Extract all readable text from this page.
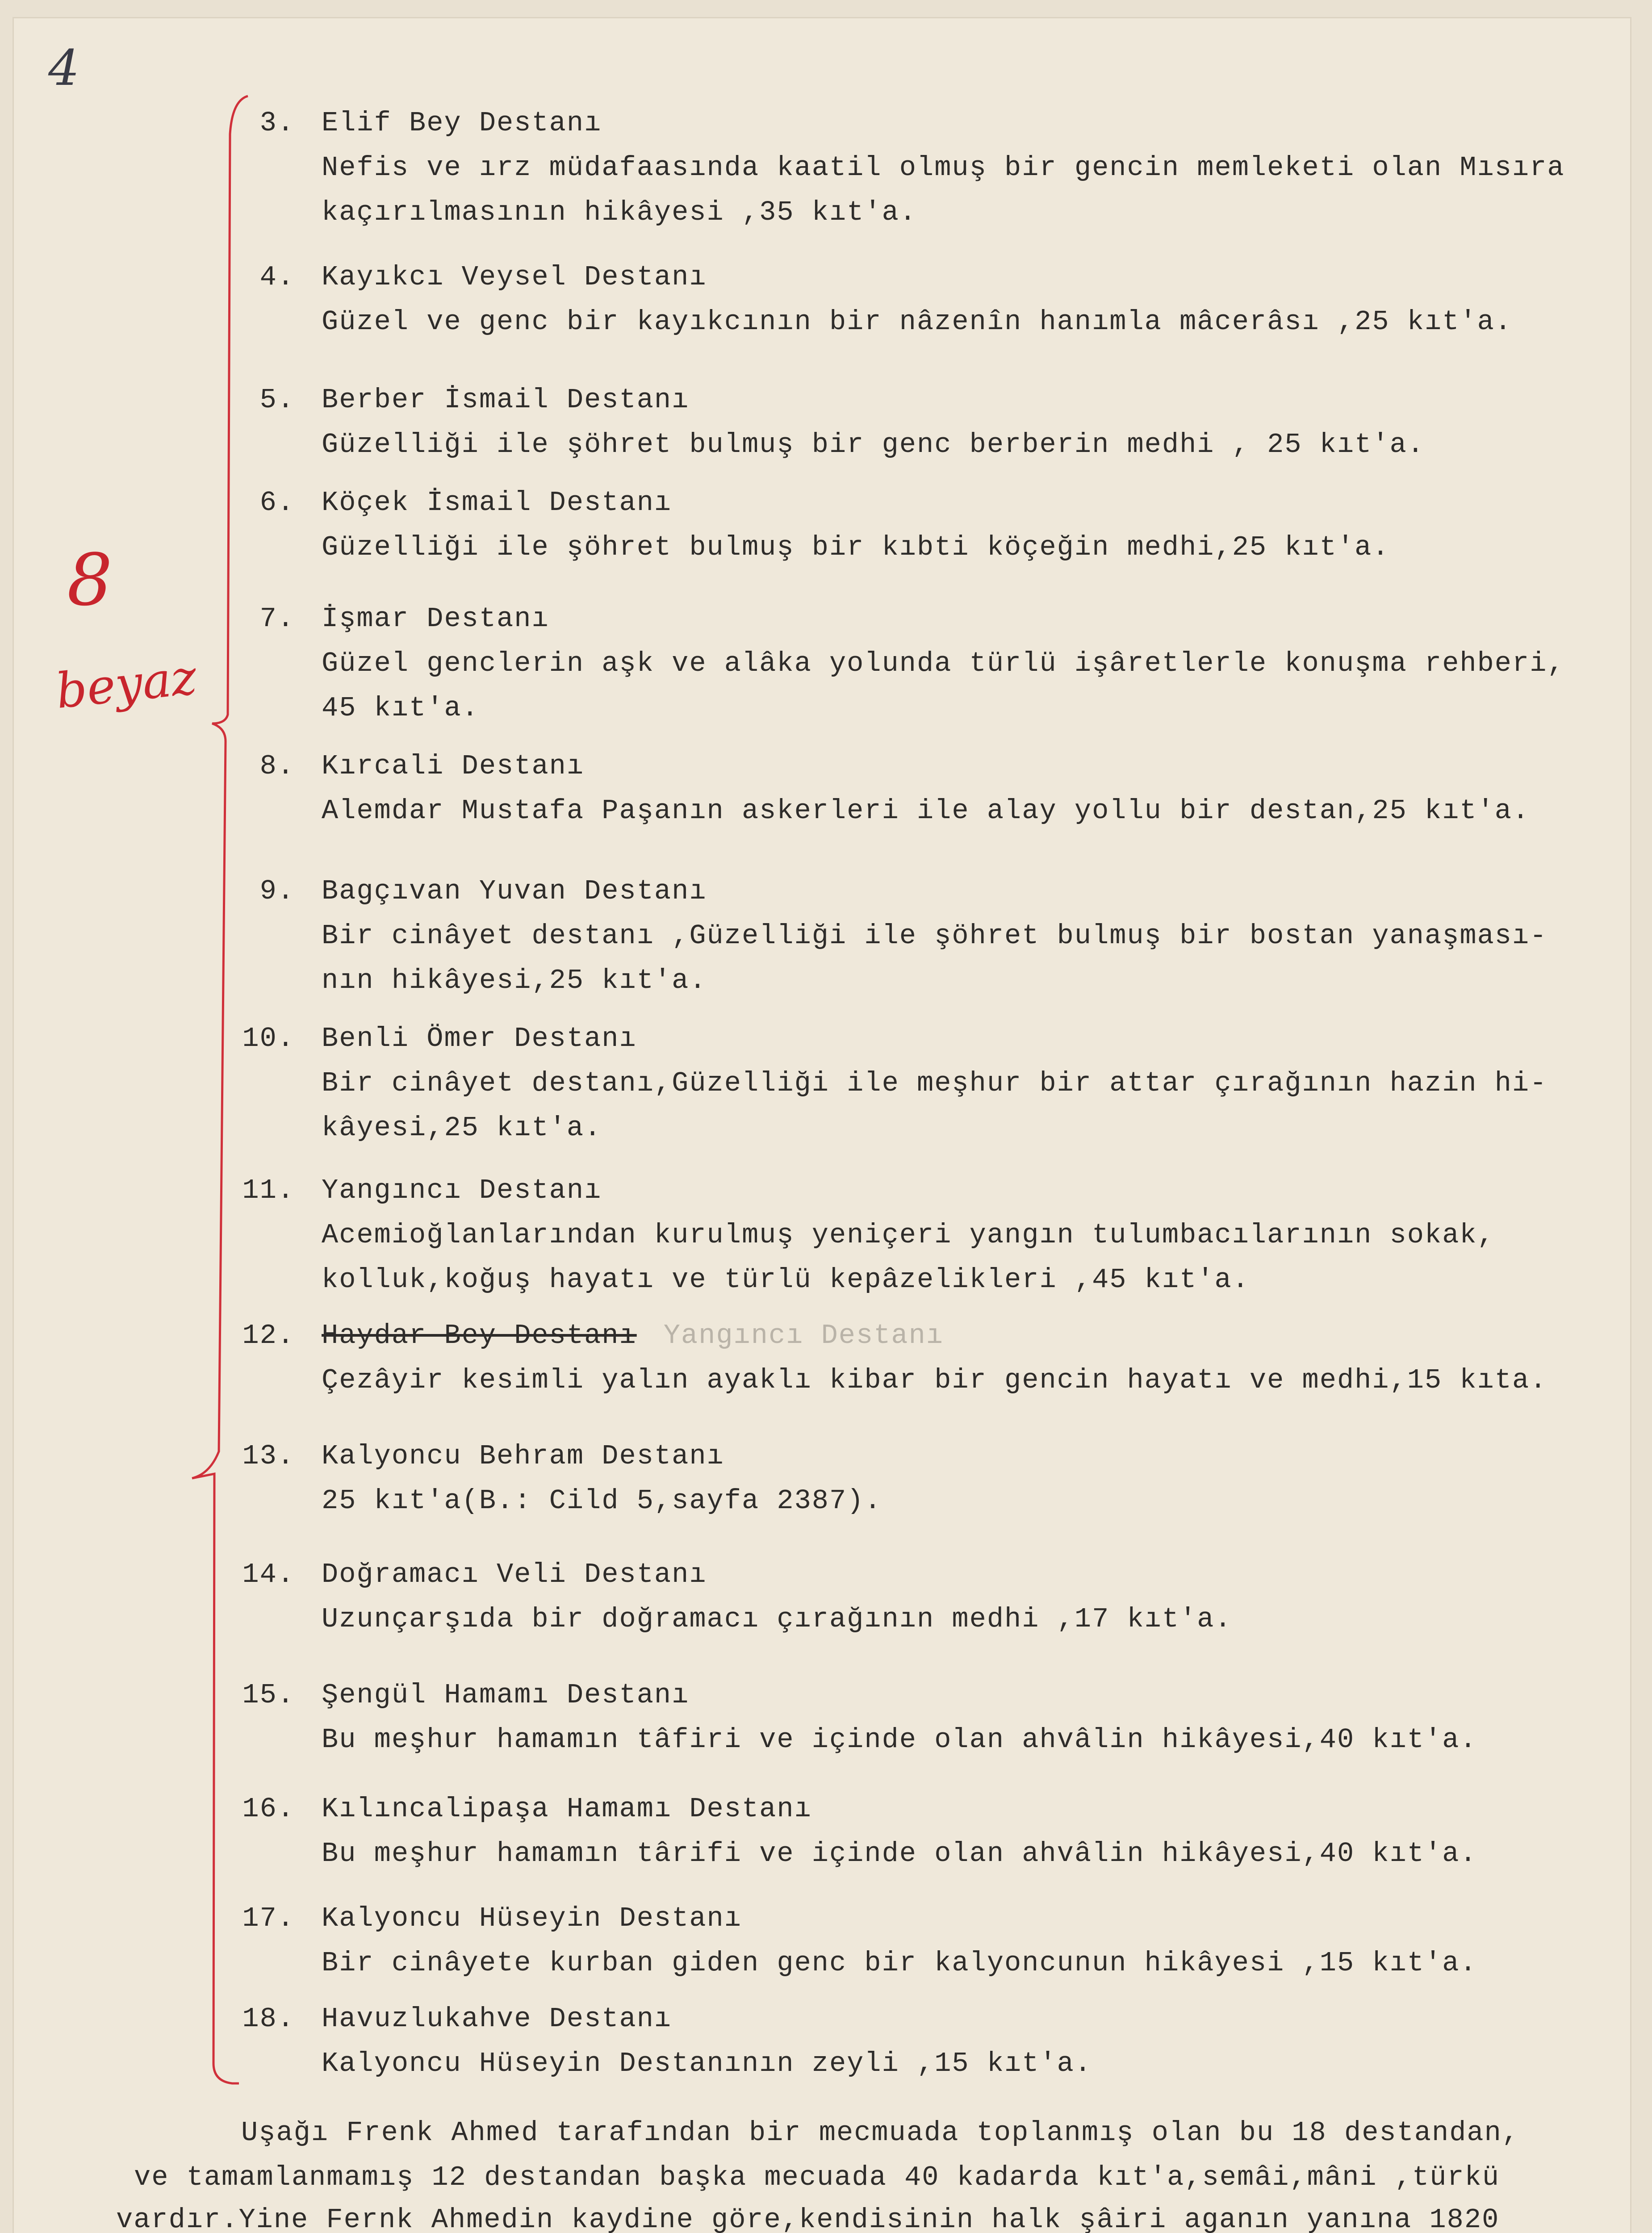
4
8
beyaz
3. Elif Bey Destanı
Nefis ve ırz müdafaasında kaatil olmuş bir gencin memleketi olan Mısıra
kaçırılmasının hikâyesi ,35 kıt'a.
4. Kayıkcı Veysel Destanı
Güzel ve genc bir kayıkcının bir nâzenîn hanımla mâcerâsı ,25 kıt'a.
5. Berber İsmail Destanı
Güzelliği ile şöhret bulmuş bir genc berberin medhi , 25 kıt'a.
6. Köçek İsmail Destanı
Güzelliği ile şöhret bulmuş bir kıbti köçeğin medhi,25 kıt'a.
7. İşmar Destanı
Güzel genclerin aşk ve alâka yolunda türlü işâretlerle konuşma rehberi,
45 kıt'a.
8. Kırcali Destanı
Alemdar Mustafa Paşanın askerleri ile alay yollu bir destan,25 kıt'a.
9. Bagçıvan Yuvan Destanı
Bir cinâyet destanı ,Güzelliği ile şöhret bulmuş bir bostan yanaşması-
nın hikâyesi,25 kıt'a.
10. Benli Ömer Destanı
Bir cinâyet destanı,Güzelliği ile meşhur bir attar çırağının hazin hi-
kâyesi,25 kıt'a.
11. Yangıncı Destanı
Acemioğlanlarından kurulmuş yeniçeri yangın tulumbacılarının sokak,
kolluk,koğuş hayatı ve türlü kepâzelikleri ,45 kıt'a.
12. Haydar Bey Destanı Yangıncı Destanı
Çezâyir kesimli yalın ayaklı kibar bir gencin hayatı ve medhi,15 kıta.
13. Kalyoncu Behram Destanı
25 kıt'a(B.: Cild 5,sayfa 2387).
14. Doğramacı Veli Destanı
Uzunçarşıda bir doğramacı çırağının medhi ,17 kıt'a.
15. Şengül Hamamı Destanı
Bu meşhur hamamın tâfiri ve içinde olan ahvâlin hikâyesi,40 kıt'a.
16. Kılıncalipaşa Hamamı Destanı
Bu meşhur hamamın târifi ve içinde olan ahvâlin hikâyesi,40 kıt'a.
17. Kalyoncu Hüseyin Destanı
Bir cinâyete kurban giden genc bir kalyoncunun hikâyesi ,15 kıt'a.
18. Havuzlukahve Destanı
Kalyoncu Hüseyin Destanının zeyli ,15 kıt'a.
Uşağı Frenk Ahmed tarafından bir mecmuada toplanmış olan bu 18 destandan,
ve tamamlanmamış 12 destandan başka mecuada 40 kadarda kıt'a,semâi,mâni ,türkü
vardır.Yine Fernk Ahmedin kaydine göre,kendisinin halk şâiri aganın yanına 1820
